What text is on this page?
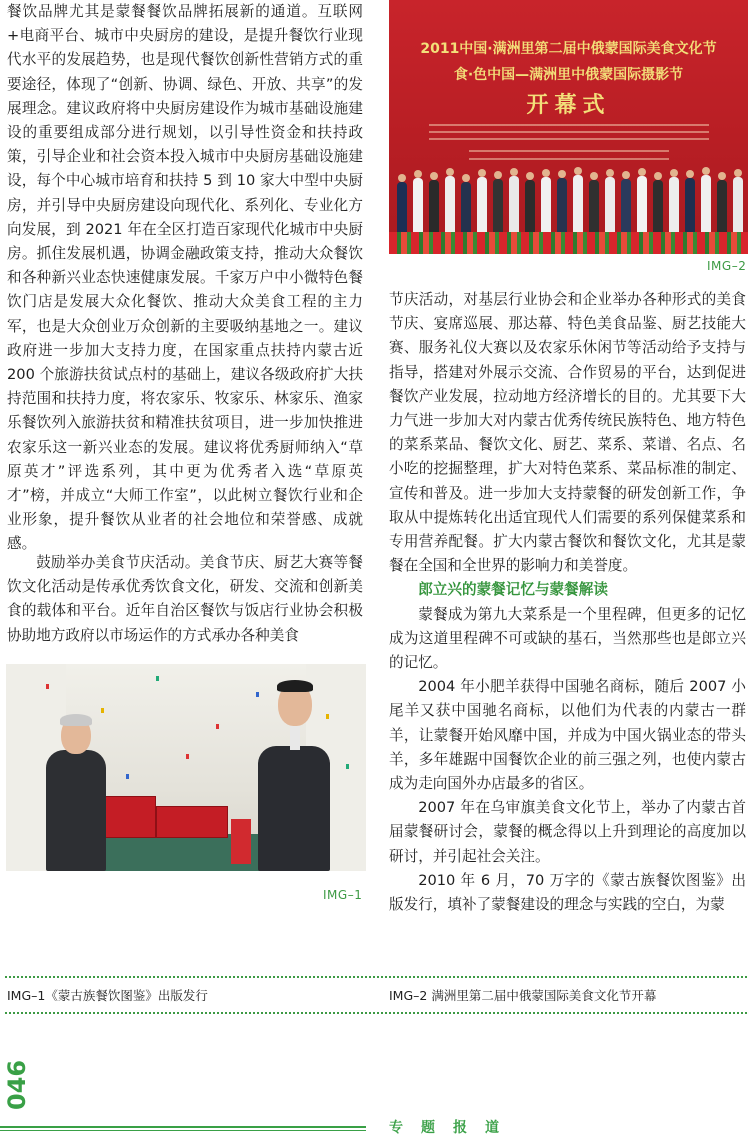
餐饮品牌尤其是蒙餐餐饮品牌拓展新的通道。互联网+电商平台、城市中央厨房的建设，是提升餐饮行业现代水平的发展趋势，也是现代餐饮创新性营销方式的重要途径，体现了“创新、协调、绿色、开放、共享”的发展理念。建议政府将中央厨房建设作为城市基础设施建设的重要组成部分进行规划，以引导性资金和扶持政策，引导企业和社会资本投入城市中央厨房基础设施建设，每个中心城市培育和扶持 5 到 10 家大中型中央厨房，并引导中央厨房建设向现代化、系列化、专业化方向发展，到 2021 年在全区打造百家现代化城市中央厨房。抓住发展机遇，协调金融政策支持，推动大众餐饮和各种新兴业态快速健康发展。千家万户中小微特色餐饮门店是发展大众化餐饮、推动大众美食工程的主力军，也是大众创业万众创新的主要吸纳基地之一。建议政府进一步加大支持力度，在国家重点扶持内蒙古近 200 个旅游扶贫试点村的基础上，建议各级政府扩大扶持范围和扶持力度，将农家乐、牧家乐、林家乐、渔家乐餐饮列入旅游扶贫和精准扶贫项目，进一步加快推进农家乐这一新兴业态的发展。建议将优秀厨师纳入“草原英才”评选系列，其中更为优秀者入选“草原英才”榜，并成立“大师工作室”，以此树立餐饮行业和企业形象，提升餐饮从业者的社会地位和荣誉感、成就感。

鼓励举办美食节庆活动。美食节庆、厨艺大赛等餐饮文化活动是传承优秀饮食文化，研发、交流和创新美食的载体和平台。近年自治区餐饮与饭店行业协会积极协助地方政府以市场运作的方式承办各种美食

IMG–1
2011中国·满洲里第二届中俄蒙国际美食文化节
食·色中国—满洲里中俄蒙国际摄影节
开幕式
IMG–2

节庆活动，对基层行业协会和企业举办各种形式的美食节庆、宴席巡展、那达幕、特色美食品鉴、厨艺技能大赛、服务礼仪大赛以及农家乐休闲节等活动给予支持与指导，搭建对外展示交流、合作贸易的平台，达到促进餐饮产业发展，拉动地方经济增长的目的。尤其要下大力气进一步加大对内蒙古优秀传统民族特色、地方特色的菜系菜品、餐饮文化、厨艺、菜系、菜谱、名点、名小吃的挖掘整理，扩大对特色菜系、菜品标准的制定、宣传和普及。进一步加大支持蒙餐的研发创新工作，争取从中提炼转化出适宜现代人们需要的系列保健菜系和专用营养配餐。扩大内蒙古餐饮和餐饮文化，尤其是蒙餐在全国和全世界的影响力和美誉度。

郎立兴的蒙餐记忆与蒙餐解读

蒙餐成为第九大菜系是一个里程碑，但更多的记忆成为这道里程碑不可或缺的基石，当然那些也是郎立兴的记忆。

2004 年小肥羊获得中国驰名商标，随后 2007 小尾羊又获中国驰名商标，以他们为代表的内蒙古一群羊，让蒙餐开始风靡中国，并成为中国火锅业态的带头羊，多年雄踞中国餐饮企业的前三强之列，也使内蒙古成为走向国外办店最多的省区。

2007 年在乌审旗美食文化节上，举办了内蒙古首届蒙餐研讨会，蒙餐的概念得以上升到理论的高度加以研讨，并引起社会关注。

2010 年 6 月，70 万字的《蒙古族餐饮图鉴》出版发行，填补了蒙餐建设的理念与实践的空白，为蒙

IMG–1《蒙古族餐饮图鉴》出版发行	IMG–2 满洲里第二届中俄蒙国际美食文化节开幕
046
专题报道
